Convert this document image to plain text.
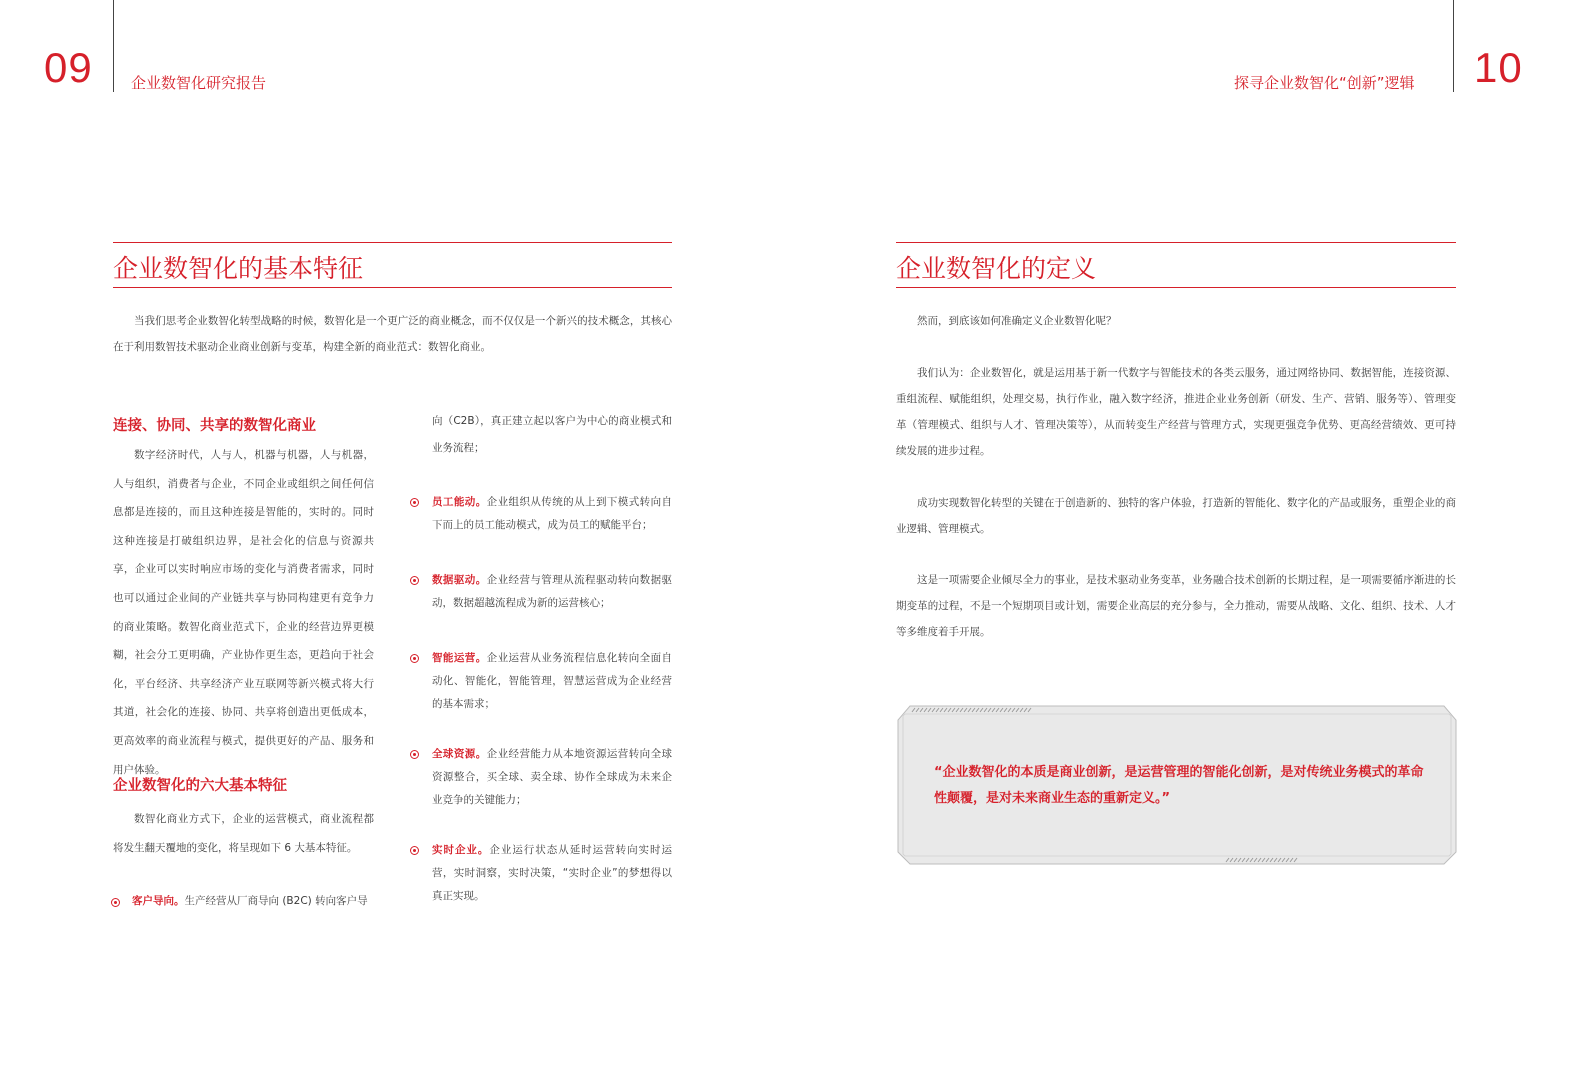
09	企业数智化研究报告	探寻企业数智化“创新”逻辑 10
企业数智化的基本特征

当我们思考企业数智化转型战略的时候，数智化是一个更广泛的商业概念，而不仅仅是一个新兴的技术概念，其核心在于利用数智技术驱动企业商业创新与变革，构建全新的商业范式：数智化商业。

连接、协同、共享的数智化商业

数字经济时代，人与人，机器与机器，人与机器，人与组织，消费者与企业，不同企业或组织之间任何信息都是连接的，而且这种连接是智能的，实时的。同时这种连接是打破组织边界，是社会化的信息与资源共享，企业可以实时响应市场的变化与消费者需求，同时也可以通过企业间的产业链共享与协同构建更有竞争力的商业策略。数智化商业范式下，企业的经营边界更模糊，社会分工更明确，产业协作更生态，更趋向于社会化，平台经济、共享经济产业互联网等新兴模式将大行其道，社会化的连接、协同、共享将创造出更低成本，更高效率的商业流程与模式，提供更好的产品、服务和用户体验。

企业数智化的六大基本特征

数智化商业方式下，企业的运营模式，商业流程都将发生翻天覆地的变化，将呈现如下 6 大基本特征。

客户导向。生产经营从厂商导向 (B2C) 转向客户导
向（C2B），真正建立起以客户为中心的商业模式和业务流程；
员工能动。企业组织从传统的从上到下模式转向自下而上的员工能动模式，成为员工的赋能平台；
数据驱动。企业经营与管理从流程驱动转向数据驱动，数据超越流程成为新的运营核心；
智能运营。企业运营从业务流程信息化转向全面自动化、智能化，智能管理，智慧运营成为企业经营的基本需求；
全球资源。企业经营能力从本地资源运营转向全球资源整合，买全球、卖全球、协作全球成为未来企业竞争的关键能力；
实时企业。企业运行状态从延时运营转向实时运营，实时洞察，实时决策，“实时企业”的梦想得以真正实现。
企业数智化的定义

然而，到底该如何准确定义企业数智化呢？

我们认为：企业数智化，就是运用基于新一代数字与智能技术的各类云服务，通过网络协同、数据智能，连接资源、重组流程、赋能组织，处理交易，执行作业，融入数字经济，推进企业业务创新（研发、生产、营销、服务等）、管理变革（管理模式、组织与人才、管理决策等），从而转变生产经营与管理方式，实现更强竞争优势、更高经营绩效、更可持续发展的进步过程。

成功实现数智化转型的关键在于创造新的、独特的客户体验，打造新的智能化、数字化的产品或服务，重塑企业的商业逻辑、管理模式。

这是一项需要企业倾尽全力的事业，是技术驱动业务变革，业务融合技术创新的长期过程，是一项需要循序渐进的长期变革的过程，不是一个短期项目或计划，需要企业高层的充分参与，全力推动，需要从战略、文化、组织、技术、人才等多维度着手开展。

“企业数智化的本质是商业创新，是运营管理的智能化创新，是对传统业务模式的革命性颠覆，是对未来商业生态的重新定义。”
